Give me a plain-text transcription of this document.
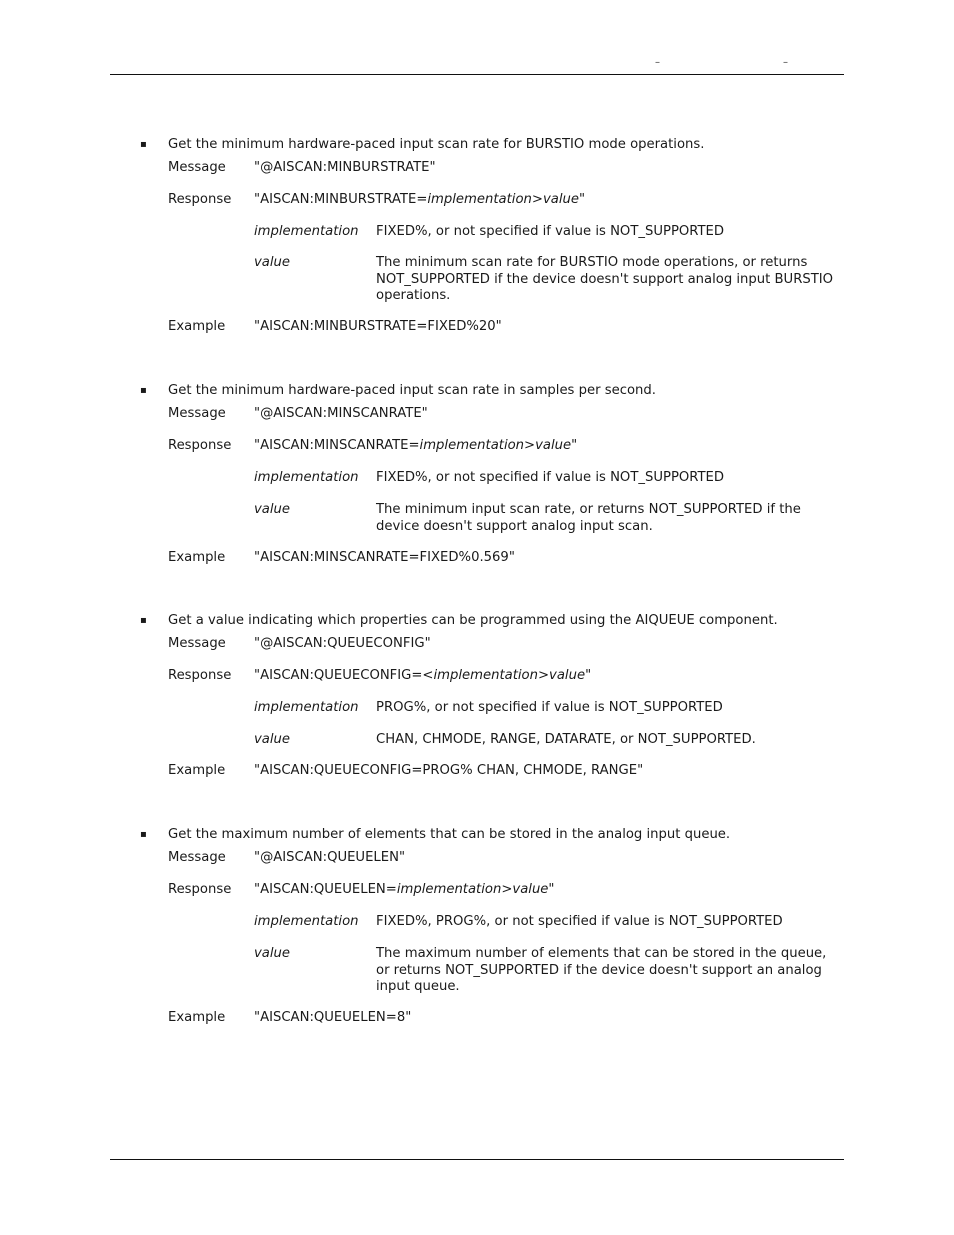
–	–
▪ Get the minimum hardware-paced input scan rate for BURSTIO mode operations.
Message "@AISCAN:MINBURSTRATE"
Response "AISCAN:MINBURSTRATE=implementation>value"
implementation FIXED%, or not specified if value is NOT_SUPPORTED
value	The minimum scan rate for BURSTIO mode operations, or returns NOT_SUPPORTED if the device doesn't support analog input BURSTIO operations.
Example "AISCAN:MINBURSTRATE=FIXED%20"
▪ Get the minimum hardware-paced input scan rate in samples per second.
Message "@AISCAN:MINSCANRATE"
Response "AISCAN:MINSCANRATE=implementation>value"
implementation FIXED%, or not specified if value is NOT_SUPPORTED
value	The minimum input scan rate, or returns NOT_SUPPORTED if the device doesn't support analog input scan.
Example "AISCAN:MINSCANRATE=FIXED%0.569"
▪ Get a value indicating which properties can be programmed using the AIQUEUE component.
Message "@AISCAN:QUEUECONFIG"
Response "AISCAN:QUEUECONFIG=<implementation>value"
implementation PROG%, or not specified if value is NOT_SUPPORTED
value	CHAN, CHMODE, RANGE, DATARATE, or NOT_SUPPORTED.
Example "AISCAN:QUEUECONFIG=PROG% CHAN, CHMODE, RANGE"
▪ Get the maximum number of elements that can be stored in the analog input queue.
Message "@AISCAN:QUEUELEN"
Response "AISCAN:QUEUELEN=implementation>value"
implementation FIXED%, PROG%, or not specified if value is NOT_SUPPORTED
value	The maximum number of elements that can be stored in the queue, or returns NOT_SUPPORTED if the device doesn't support an analog input queue.
Example "AISCAN:QUEUELEN=8"
